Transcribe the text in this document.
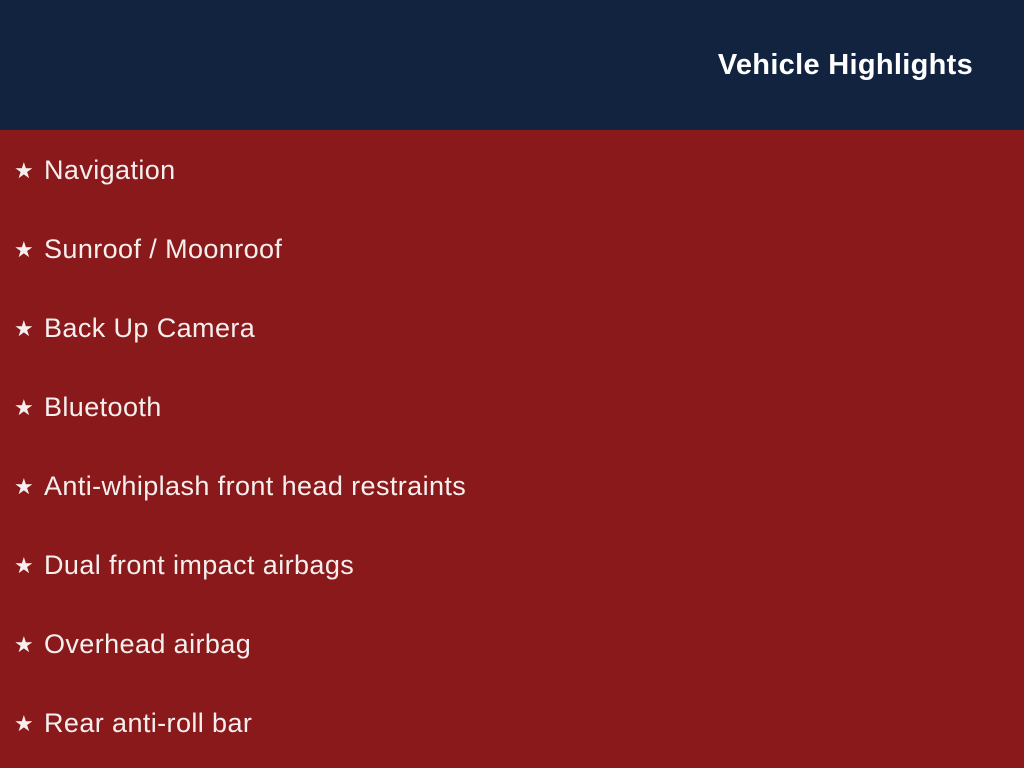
Vehicle Highlights
★ Navigation
★ Sunroof / Moonroof
★ Back Up Camera
★ Bluetooth
★ Anti-whiplash front head restraints
★ Dual front impact airbags
★ Overhead airbag
★ Rear anti-roll bar
